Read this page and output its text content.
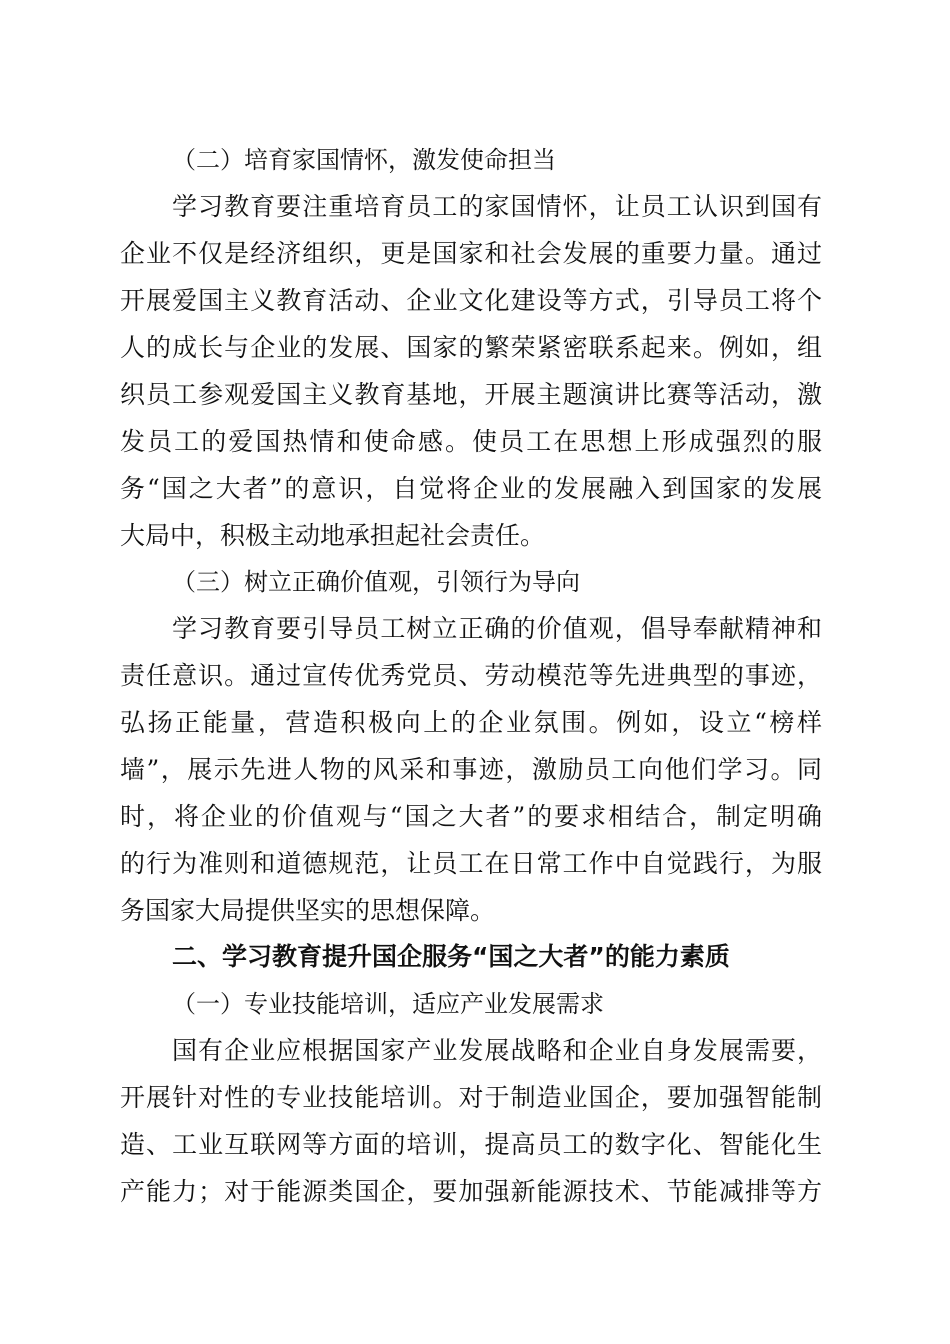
（二）培育家国情怀，激发使命担当
学习教育要注重培育员工的家国情怀，让员工认识到国有
企业不仅是经济组织，更是国家和社会发展的重要力量。通过
开展爱国主义教育活动、企业文化建设等方式，引导员工将个
人的成长与企业的发展、国家的繁荣紧密联系起来。例如，组
织员工参观爱国主义教育基地，开展主题演讲比赛等活动，激
发员工的爱国热情和使命感。使员工在思想上形成强烈的服
务“国之大者”的意识，自觉将企业的发展融入到国家的发展
大局中，积极主动地承担起社会责任。
（三）树立正确价值观，引领行为导向
学习教育要引导员工树立正确的价值观，倡导奉献精神和
责任意识。通过宣传优秀党员、劳动模范等先进典型的事迹，
弘扬正能量，营造积极向上的企业氛围。例如，设立“榜样
墙”，展示先进人物的风采和事迹，激励员工向他们学习。同
时，将企业的价值观与“国之大者”的要求相结合，制定明确
的行为准则和道德规范，让员工在日常工作中自觉践行，为服
务国家大局提供坚实的思想保障。
二、学习教育提升国企服务“国之大者”的能力素质
（一）专业技能培训，适应产业发展需求
国有企业应根据国家产业发展战略和企业自身发展需要，
开展针对性的专业技能培训。对于制造业国企，要加强智能制
造、工业互联网等方面的培训，提高员工的数字化、智能化生
产能力；对于能源类国企，要加强新能源技术、节能减排等方
